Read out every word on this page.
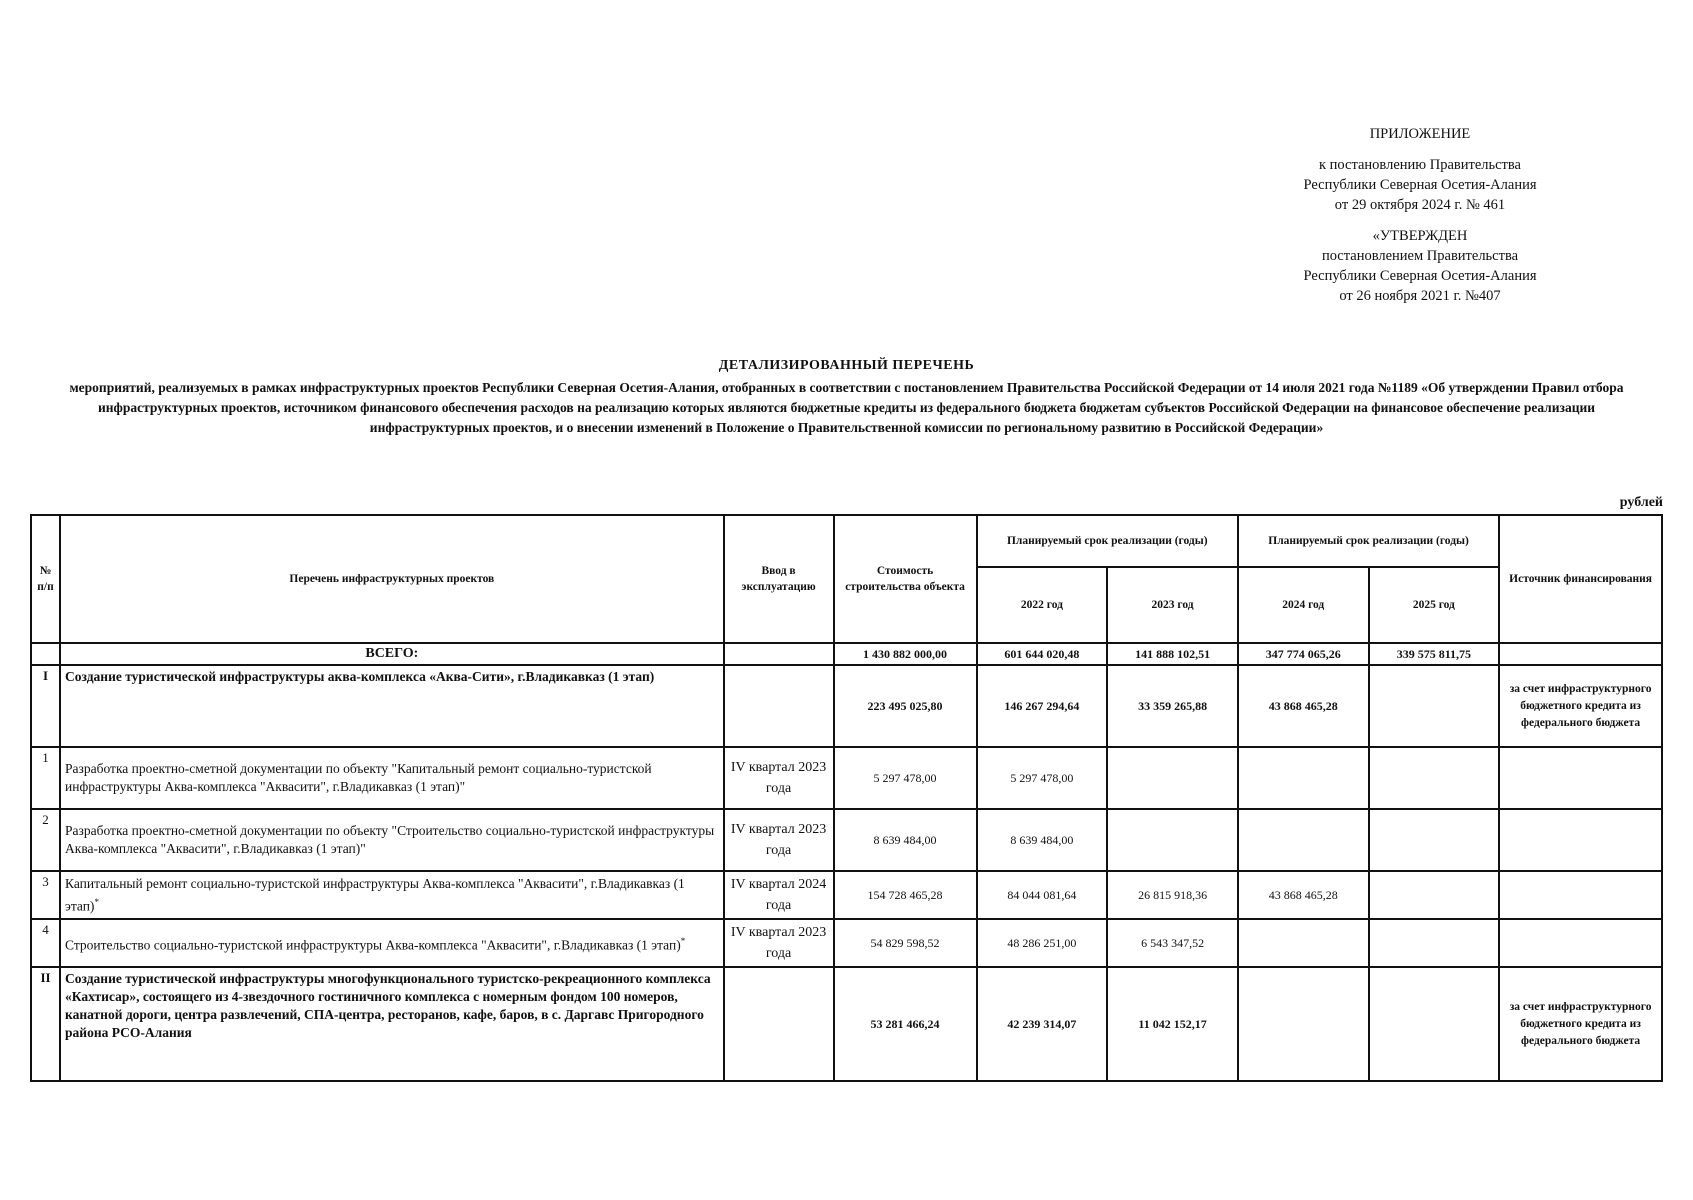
ПРИЛОЖЕНИЕ
к постановлению Правительства
Республики Северная Осетия-Алания
от 29 октября 2024 г. № 461
«УТВЕРЖДЕН
постановлением Правительства
Республики Северная Осетия-Алания
от 26 ноября 2021 г. №407
ДЕТАЛИЗИРОВАННЫЙ ПЕРЕЧЕНЬ
мероприятий, реализуемых в рамках инфраструктурных проектов Республики Северная Осетия-Алания, отобранных в соответствии с постановлением Правительства Российской Федерации от 14 июля 2021 года №1189 «Об утверждении Правил отбора инфраструктурных проектов, источником финансового обеспечения расходов на реализацию которых являются бюджетные кредиты из федерального бюджета бюджетам субъектов Российской Федерации на финансовое обеспечение реализации инфраструктурных проектов, и о внесении изменений в Положение о Правительственной комиссии по региональному развитию в Российской Федерации»
рублей
№ п/п	Перечень инфраструктурных проектов	Ввод в эксплуатацию	Стоимость строительства объекта	Планируемый срок реализации (годы)		Планируемый срок реализации (годы)		Источник финансирования
				2022 год	2023 год	2024 год	2025 год	
	ВСЕГО:		1 430 882 000,00	601 644 020,48	141 888 102,51	347 774 065,26	339 575 811,75	
I	Создание туристической инфраструктуры аква-комплекса «Аква-Сити», г.Владикавказ (1 этап)		223 495 025,80	146 267 294,64	33 359 265,88	43 868 465,28		за счет инфраструктурного бюджетного кредита из федерального бюджета
1	Разработка проектно-сметной документации по объекту "Капитальный ремонт социально-туристской инфраструктуры Аква-комплекса "Аквасити", г.Владикавказ (1 этап)"	IV квартал 2023 года	5 297 478,00	5 297 478,00				
2	Разработка проектно-сметной документации по объекту "Строительство социально-туристской инфраструктуры Аква-комплекса "Аквасити", г.Владикавказ (1 этап)"	IV квартал 2023 года	8 639 484,00	8 639 484,00				
3	Капитальный ремонт социально-туристской инфраструктуры Аква-комплекса "Аквасити", г.Владикавказ (1 этап)*	IV квартал 2024 года	154 728 465,28	84 044 081,64	26 815 918,36	43 868 465,28		
4	Строительство социально-туристской инфраструктуры Аква-комплекса "Аквасити", г.Владикавказ (1 этап)*	IV квартал 2023 года	54 829 598,52	48 286 251,00	6 543 347,52			
II	Создание туристической инфраструктуры многофункционального туристско-рекреационного комплекса «Кахтисар», состоящего из 4-звездочного гостиничного комплекса с номерным фондом 100 номеров, канатной дороги, центра развлечений, СПА-центра, ресторанов, кафе, баров, в с. Даргавс Пригородного района РСО-Алания		53 281 466,24	42 239 314,07	11 042 152,17			за счет инфраструктурного бюджетного кредита из федерального бюджета
